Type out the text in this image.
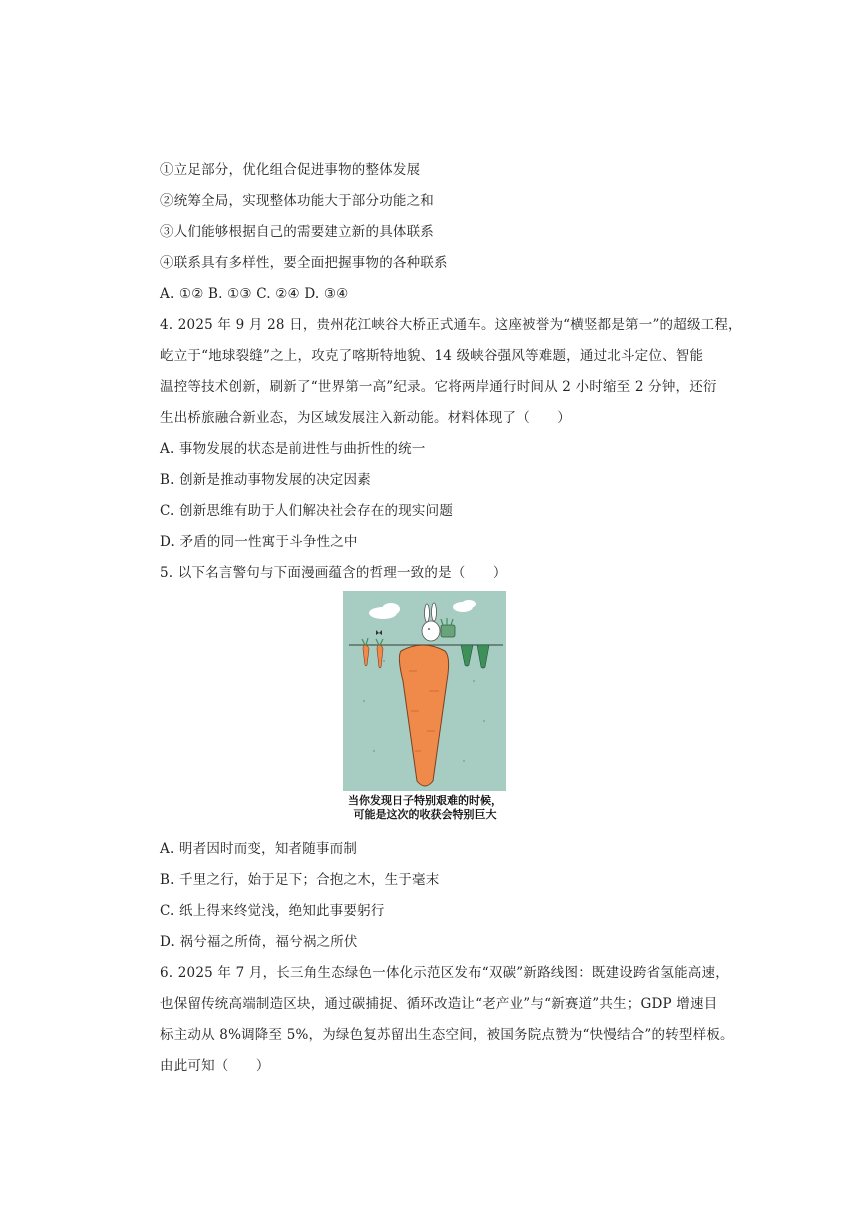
①立足部分，优化组合促进事物的整体发展
②统筹全局，实现整体功能大于部分功能之和
③人们能够根据自己的需要建立新的具体联系
④联系具有多样性，要全面把握事物的各种联系
A. ①② B. ①③ C. ②④ D. ③④
4. 2025 年 9 月 28 日，贵州花江峡谷大桥正式通车。这座被誉为“横竖都是第一”的超级工程，
屹立于“地球裂缝”之上，攻克了喀斯特地貌、14 级峡谷强风等难题，通过北斗定位、智能
温控等技术创新，刷新了“世界第一高”纪录。它将两岸通行时间从 2 小时缩至 2 分钟，还衍
生出桥旅融合新业态，为区域发展注入新动能。材料体现了（　　）
A. 事物发展的状态是前进性与曲折性的统一
B. 创新是推动事物发展的决定因素
C. 创新思维有助于人们解决社会存在的现实问题
D. 矛盾的同一性寓于斗争性之中
5. 以下名言警句与下面漫画蕴含的哲理一致的是（　　）
当你发现日子特别艰难的时候，
可能是这次的收获会特别巨大
A. 明者因时而变，知者随事而制
B. 千里之行，始于足下；合抱之木，生于毫末
C. 纸上得来终觉浅，绝知此事要躬行
D. 祸兮福之所倚，福兮祸之所伏
6. 2025 年 7 月，长三角生态绿色一体化示范区发布“双碳”新路线图：既建设跨省氢能高速，
也保留传统高端制造区块，通过碳捕捉、循环改造让“老产业”与“新赛道”共生；GDP 增速目
标主动从 8%调降至 5%，为绿色复苏留出生态空间，被国务院点赞为“快慢结合”的转型样板。
由此可知（　　）
